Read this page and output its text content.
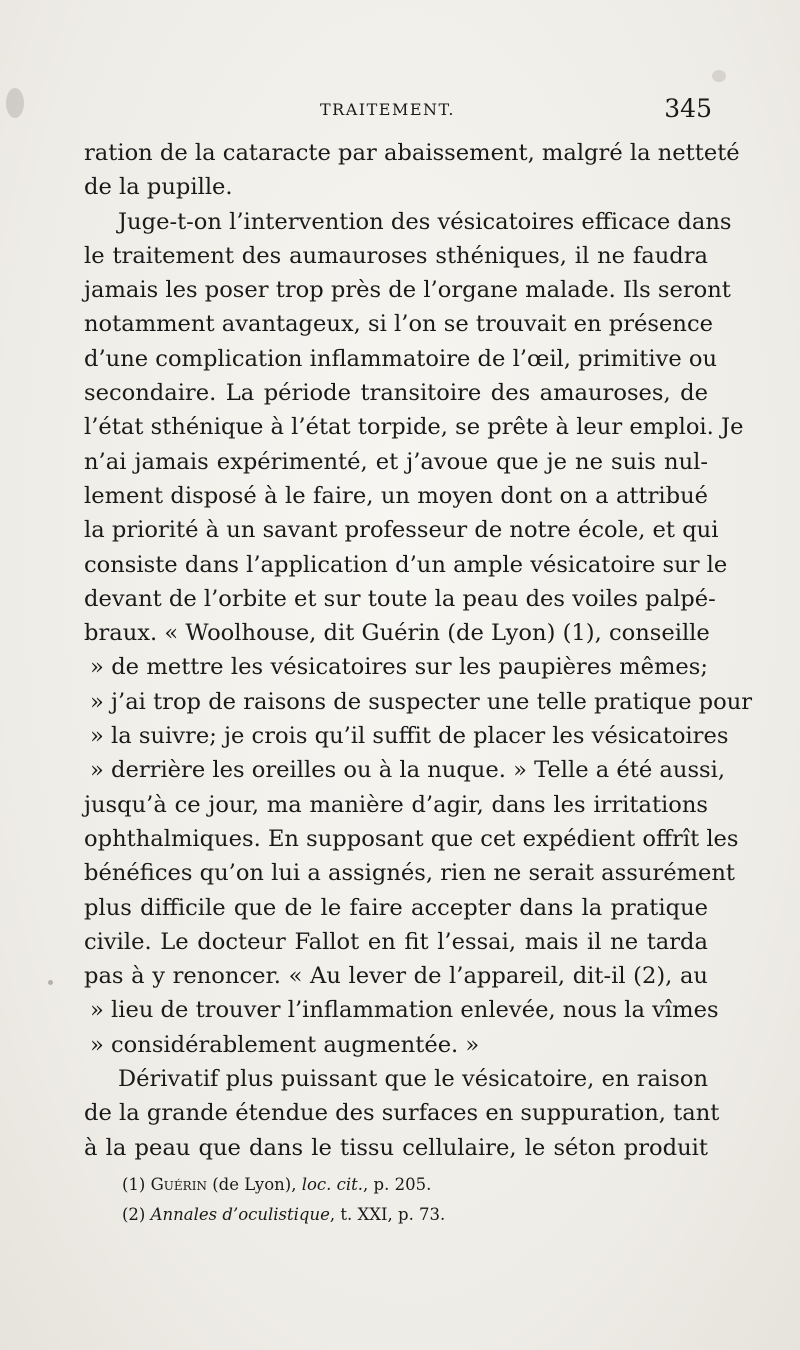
TRAITEMENT.	345
ration de la cataracte par abaissement, malgré la netteté
de la pupille.
Juge-t-on l’intervention des vésicatoires efficace dans
le traitement des aumauroses sthéniques, il ne faudra
jamais les poser trop près de l’organe malade. Ils seront
notamment avantageux, si l’on se trouvait en présence
d’une complication inflammatoire de l’œil, primitive ou
secondaire. La période transitoire des amauroses, de
l’état sthénique à l’état torpide, se prête à leur emploi. Je
n’ai jamais expérimenté, et j’avoue que je ne suis nul-
lement disposé à le faire, un moyen dont on a attribué
la priorité à un savant professeur de notre école, et qui
consiste dans l’application d’un ample vésicatoire sur le
devant de l’orbite et sur toute la peau des voiles palpé-
braux. « Woolhouse, dit Guérin (de Lyon) (1), conseille
» de mettre les vésicatoires sur les paupières mêmes;
» j’ai trop de raisons de suspecter une telle pratique pour
» la suivre; je crois qu’il suffit de placer les vésicatoires
» derrière les oreilles ou à la nuque. » Telle a été aussi,
jusqu’à ce jour, ma manière d’agir, dans les irritations
ophthalmiques. En supposant que cet expédient offrît les
bénéfices qu’on lui a assignés, rien ne serait assurément
plus difficile que de le faire accepter dans la pratique
civile. Le docteur Fallot en fit l’essai, mais il ne tarda
pas à y renoncer. « Au lever de l’appareil, dit-il (2), au
» lieu de trouver l’inflammation enlevée, nous la vîmes
» considérablement augmentée. »
Dérivatif plus puissant que le vésicatoire, en raison
de la grande étendue des surfaces en suppuration, tant
à la peau que dans le tissu cellulaire, le séton produit
(1) Guérin (de Lyon), loc. cit., p. 205.
(2) Annales d’oculistique, t. XXI, p. 73.
